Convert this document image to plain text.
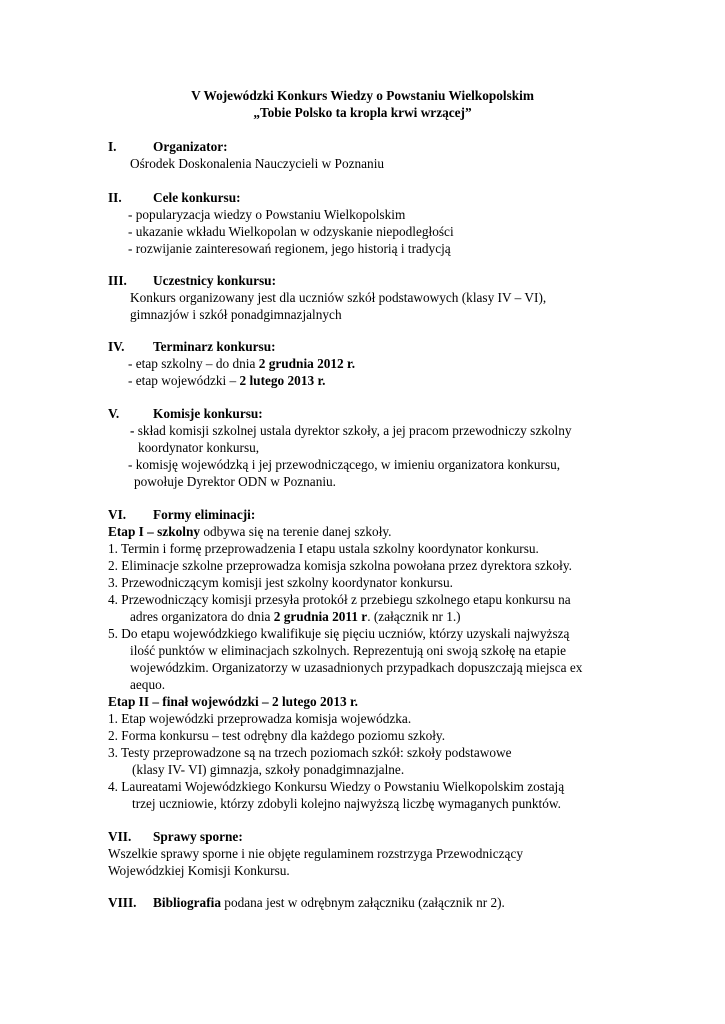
V Wojewódzki Konkurs Wiedzy o Powstaniu Wielkopolskim
„Tobie Polsko ta kropla krwi wrzącej”
I.	Organizator:
Ośrodek Doskonalenia Nauczycieli w Poznaniu
II. Cele konkursu:
- popularyzacja wiedzy o Powstaniu Wielkopolskim
- ukazanie wkładu Wielkopolan w odzyskanie niepodległości
- rozwijanie zainteresowań regionem, jego historią i tradycją
III. Uczestnicy konkursu:
Konkurs organizowany jest dla uczniów szkół podstawowych (klasy IV – VI),
gimnazjów i szkół ponadgimnazjalnych
IV. Terminarz konkursu:
- etap szkolny – do dnia 2 grudnia 2012 r.
- etap wojewódzki – 2 lutego 2013 r.
V.	Komisje konkursu:
- skład komisji szkolnej ustala dyrektor szkoły, a jej pracom przewodniczy szkolny
koordynator konkursu,
- komisję wojewódzką i jej przewodniczącego, w imieniu organizatora konkursu,
powołuje Dyrektor ODN w Poznaniu.
VI. Formy eliminacji:
Etap I – szkolny odbywa się na terenie danej szkoły.
1. Termin i formę przeprowadzenia I etapu ustala szkolny koordynator konkursu.
2. Eliminacje szkolne przeprowadza komisja szkolna powołana przez dyrektora szkoły.
3. Przewodniczącym komisji jest szkolny koordynator konkursu.
4. Przewodniczący komisji przesyła protokół z przebiegu szkolnego etapu konkursu na
adres organizatora do dnia 2 grudnia 2011 r. (załącznik nr 1.)
5. Do etapu wojewódzkiego kwalifikuje się pięciu uczniów, którzy uzyskali najwyższą
ilość punktów w eliminacjach szkolnych. Reprezentują oni swoją szkołę na etapie
wojewódzkim. Organizatorzy w uzasadnionych przypadkach dopuszczają miejsca ex
aequo.
Etap II – finał wojewódzki – 2 lutego 2013 r.
1. Etap wojewódzki przeprowadza komisja wojewódzka.
2. Forma konkursu – test odrębny dla każdego poziomu szkoły.
3. Testy przeprowadzone są na trzech poziomach szkół: szkoły podstawowe
(klasy IV- VI) gimnazja, szkoły ponadgimnazjalne.
4. Laureatami Wojewódzkiego Konkursu Wiedzy o Powstaniu Wielkopolskim zostają
trzej uczniowie, którzy zdobyli kolejno najwyższą liczbę wymaganych punktów.
VII. Sprawy sporne:
Wszelkie sprawy sporne i nie objęte regulaminem rozstrzyga Przewodniczący
Wojewódzkiej Komisji Konkursu.
VIII. Bibliografia podana jest w odrębnym załączniku (załącznik nr 2).
